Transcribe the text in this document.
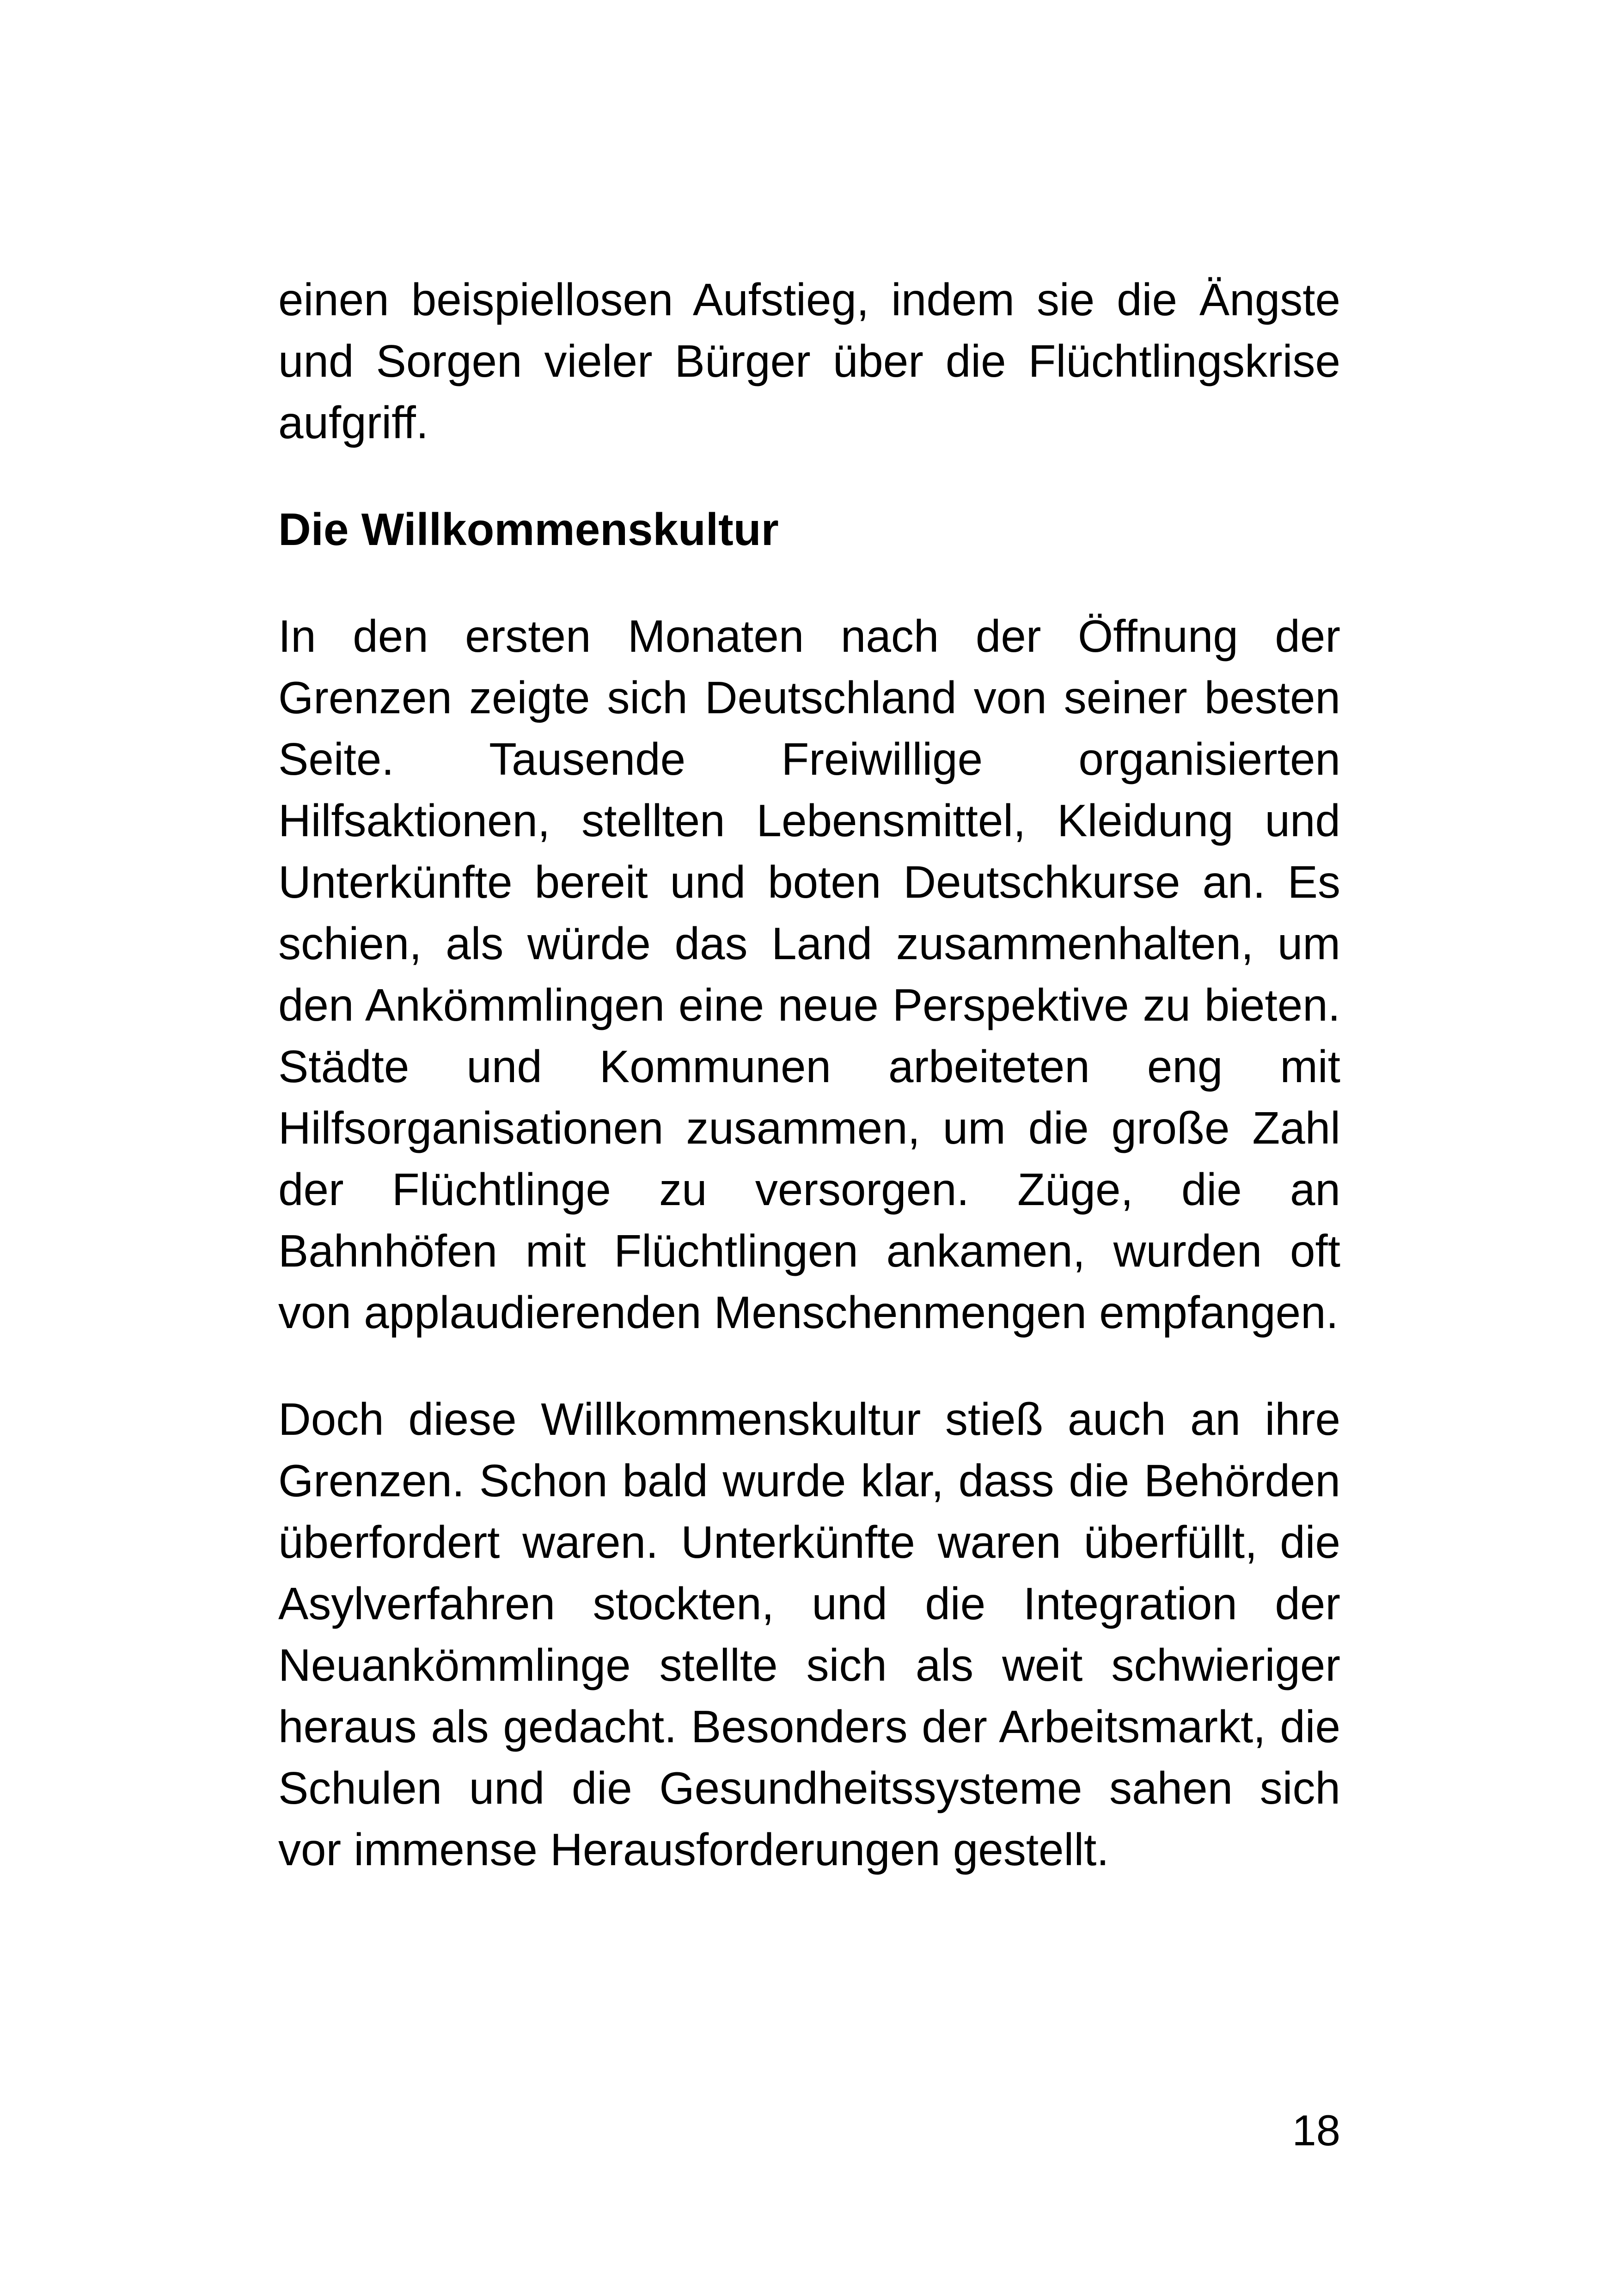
einen beispiellosen Aufstieg, indem sie die Ängste und Sorgen vieler Bürger über die Flüchtlingskrise aufgriff.

Die Willkommenskultur

In den ersten Monaten nach der Öffnung der Grenzen zeigte sich Deutschland von seiner besten Seite. Tausende Freiwillige organisierten Hilfsaktionen, stellten Lebensmittel, Kleidung und Unterkünfte bereit und boten Deutschkurse an. Es schien, als würde das Land zusammenhalten, um den Ankömmlingen eine neue Perspektive zu bieten. Städte und Kommunen arbeiteten eng mit Hilfsorganisationen zusammen, um die große Zahl der Flüchtlinge zu versorgen. Züge, die an Bahnhöfen mit Flüchtlingen ankamen, wurden oft von applaudierenden Menschenmengen empfangen.

Doch diese Willkommenskultur stieß auch an ihre Grenzen. Schon bald wurde klar, dass die Behörden überfordert waren. Unterkünfte waren überfüllt, die Asylverfahren stockten, und die Integration der Neuankömmlinge stellte sich als weit schwieriger heraus als gedacht. Besonders der Arbeitsmarkt, die Schulen und die Gesundheitssysteme sahen sich vor immense Herausforderungen gestellt.

18
